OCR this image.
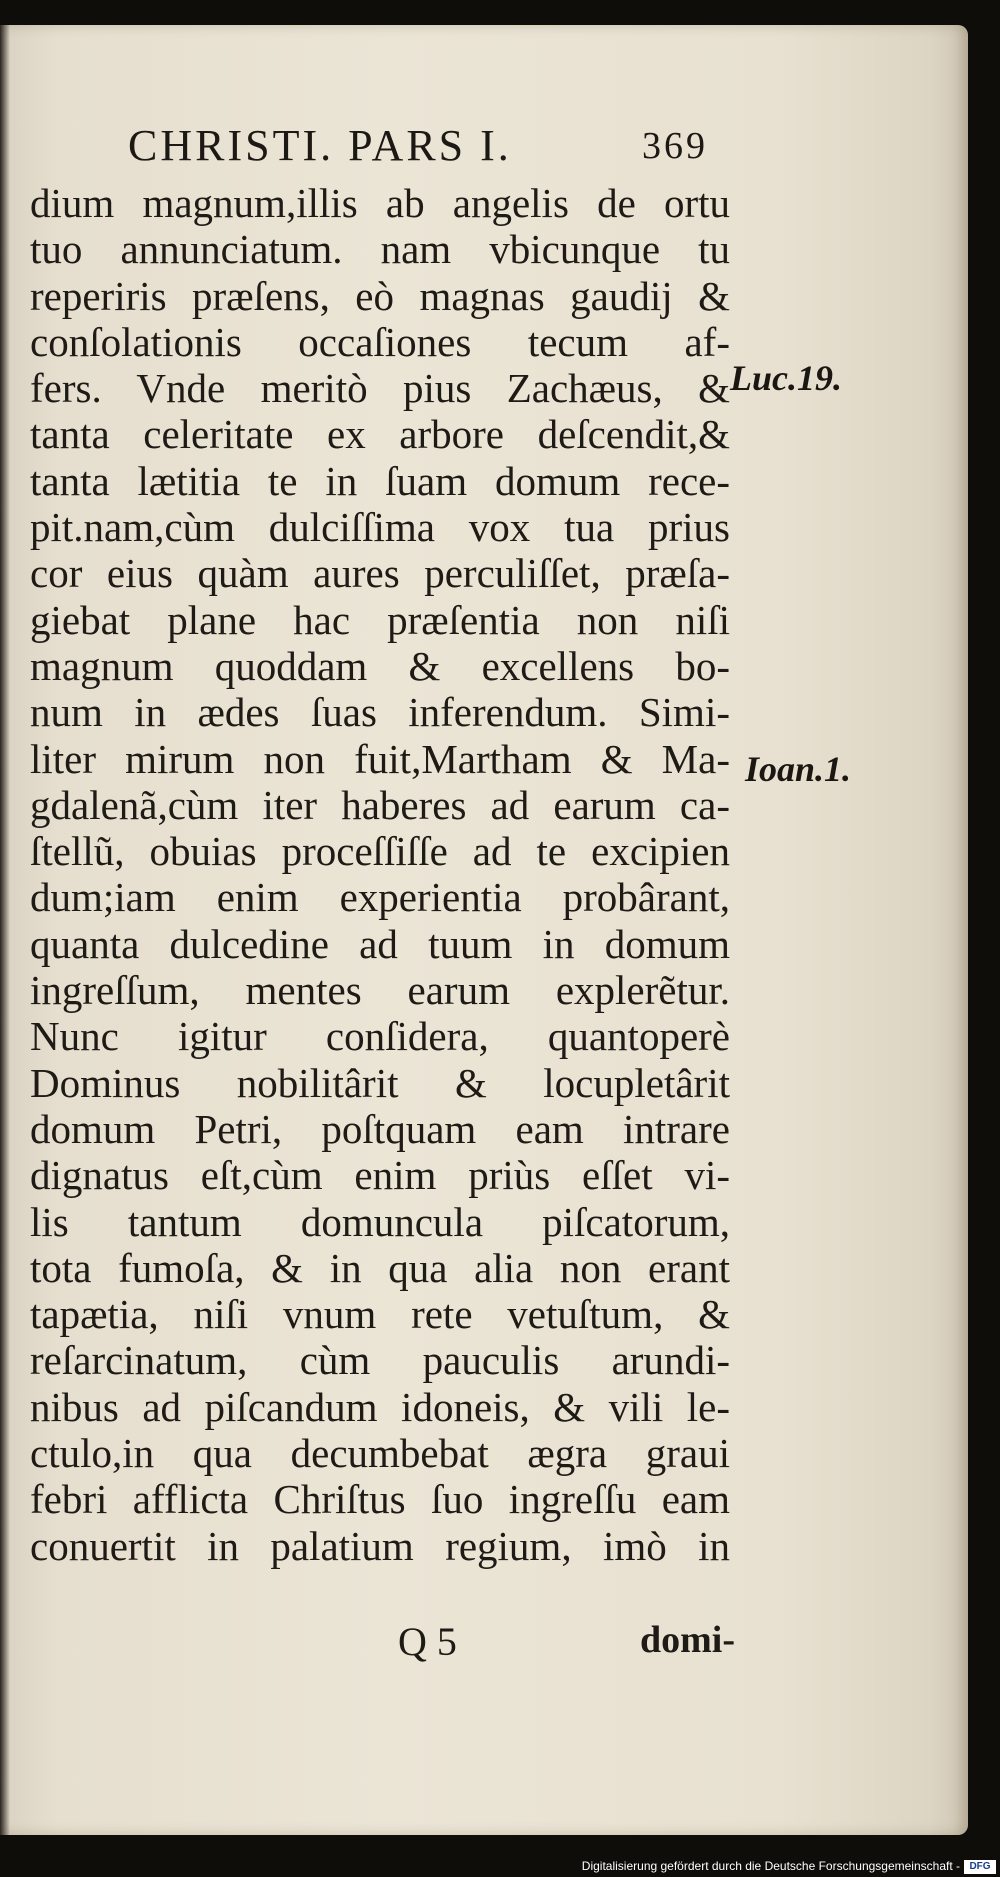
CHRISTI. PARS I.	369
dium magnum,illis ab angelis de ortu
tuo annunciatum. nam vbicunque tu
reperiris præſens, eò magnas gaudij &
conſolationis occaſiones tecum af-
fers. Vnde meritò pius Zachæus, &
tanta celeritate ex arbore deſcendit,&
tanta lætitia te in ſuam domum rece-
pit.nam,cùm dulciſſima vox tua prius
cor eius quàm aures perculiſſet, præſa-
giebat plane hac præſentia non niſi
magnum quoddam & excellens bo-
num in ædes ſuas inferendum. Simi-
liter mirum non fuit,Martham & Ma-
gdalenã,cùm iter haberes ad earum ca-
ſtellũ, obuias proceſſiſſe ad te excipien
dum;iam enim experientia probârant,
quanta dulcedine ad tuum in domum
ingreſſum, mentes earum explerẽtur.
Nunc igitur conſidera, quantoperè
Dominus nobilitârit & locupletârit
domum Petri, poſtquam eam intrare
dignatus eſt,cùm enim priùs eſſet vi-
lis tantum domuncula piſcatorum,
tota fumoſa, & in qua alia non erant
tapætia, niſi vnum rete vetuſtum, &
reſarcinatum, cùm pauculis arundi-
nibus ad piſcandum idoneis, & vili le-
ctulo,in qua decumbebat ægra graui
febri afflicta Chriſtus ſuo ingreſſu eam
conuertit in palatium regium, imò in
Luc.19.
Ioan.1.
Q 5	domi-
Digitalisierung gefördert durch die Deutsche Forschungsgemeinschaft - DFG
